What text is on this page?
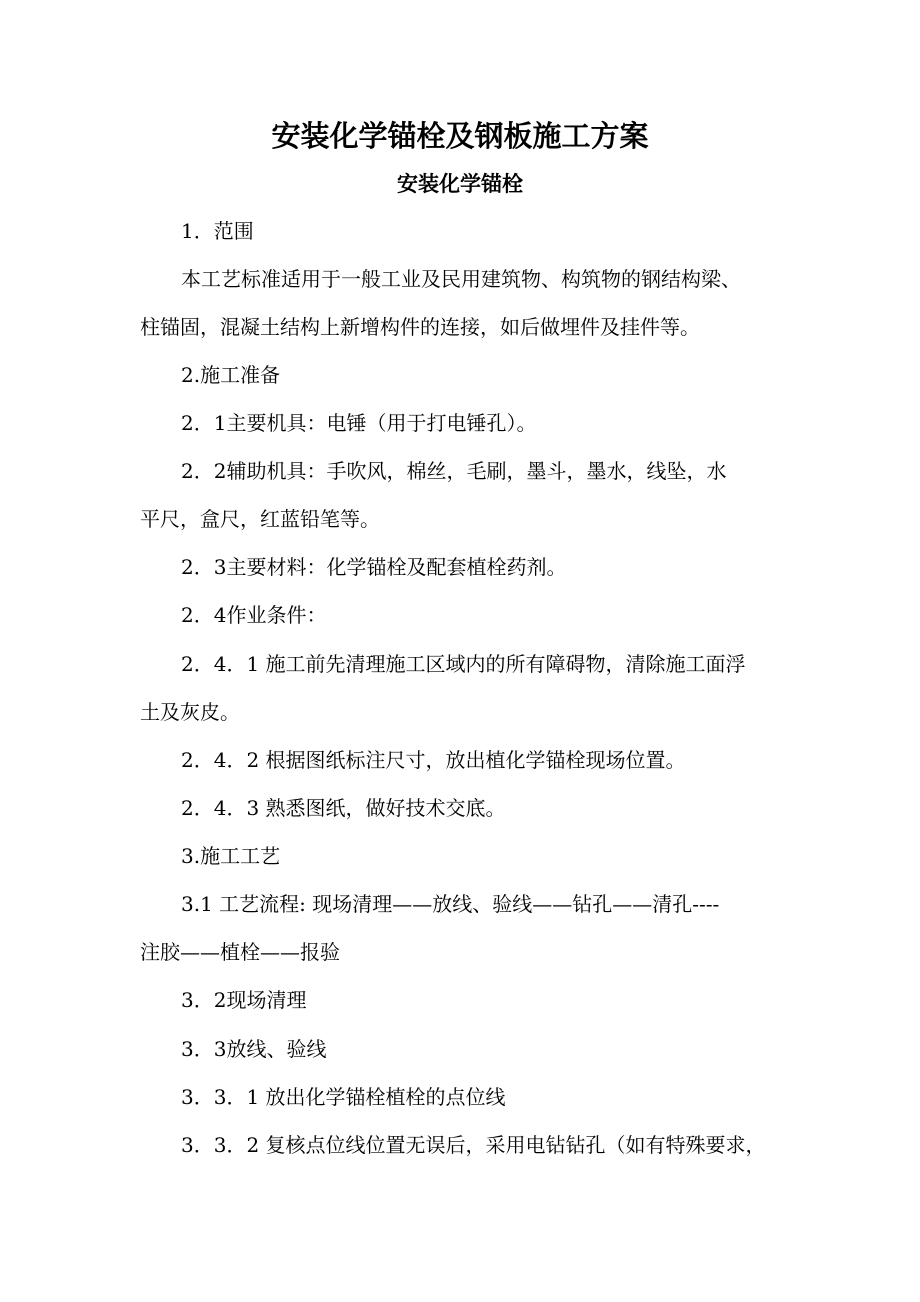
安装化学锚栓及钢板施工方案
安装化学锚栓
1．范围
本工艺标准适用于一般工业及民用建筑物、构筑物的钢结构梁、
柱锚固，混凝土结构上新增构件的连接，如后做埋件及挂件等。
2.施工准备
2．1主要机具：电锤（用于打电锤孔）。
2．2辅助机具：手吹风，棉丝，毛刷，墨斗，墨水，线坠，水
平尺，盒尺，红蓝铅笔等。
2．3主要材料：化学锚栓及配套植栓药剂。
2．4作业条件：
2．4．1 施工前先清理施工区域内的所有障碍物，清除施工面浮
土及灰皮。
2．4．2 根据图纸标注尺寸，放出植化学锚栓现场位置。
2．4．3 熟悉图纸，做好技术交底。
3.施工工艺
3.1 工艺流程: 现场清理——放线、验线——钻孔——清孔----
注胶——植栓——报验
3．2现场清理
3．3放线、验线
3．3．1 放出化学锚栓植栓的点位线
3．3．2 复核点位线位置无误后，采用电钻钻孔（如有特殊要求，
